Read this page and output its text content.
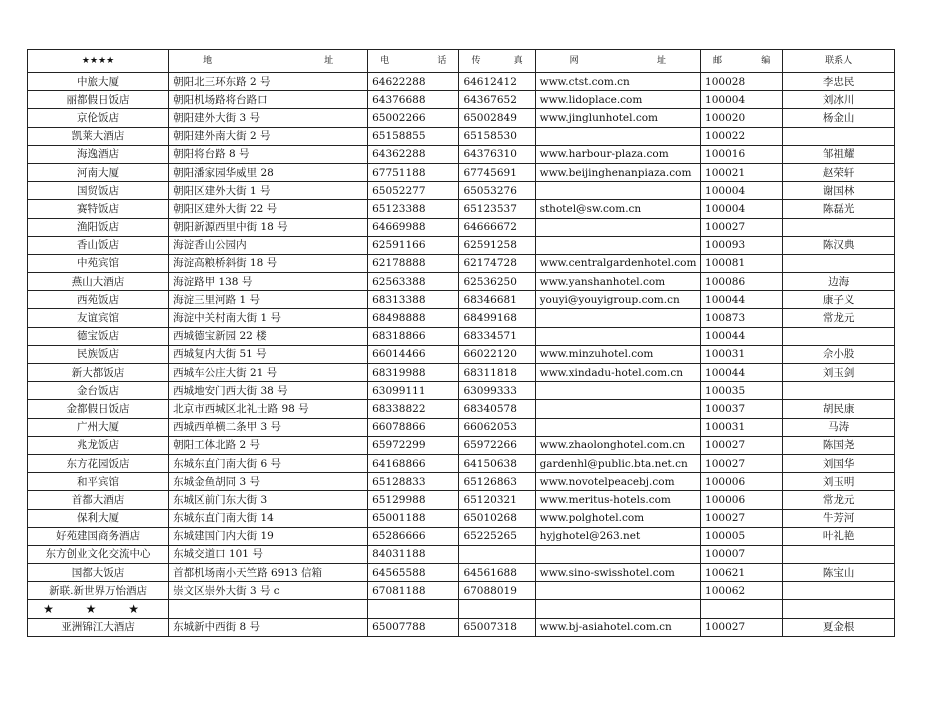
★★★★	地 址	电 话	传 真	网 址	邮 编	联系人
中旅大厦	朝阳北三环东路 2 号	64622288	64612412	www.ctst.com.cn	100028	李忠民
丽都假日饭店	朝阳机场路将台路口	64376688	64367652	www.lidoplace.com	100004	刘冰川
京伦饭店	朝阳建外大街 3 号	65002266	65002849	www.jinglunhotel.com	100020	杨金山
凯莱大酒店	朝阳建外南大街 2 号	65158855	65158530		100022	
海逸酒店	朝阳将台路 8 号	64362288	64376310	www.harbour-plaza.com	100016	邹祖耀
河南大厦	朝阳潘家园华威里 28	67751188	67745691	www.beijinghenanpiaza.com	100021	赵荣轩
国贸饭店	朝阳区建外大街 1 号	65052277	65053276		100004	谢国林
赛特饭店	朝阳区建外大街 22 号	65123388	65123537	sthotel@sw.com.cn	100004	陈磊光
渔阳饭店	朝阳新源西里中街 18 号	64669988	64666672		100027	
香山饭店	海淀香山公园内	62591166	62591258		100093	陈汉典
中苑宾馆	海淀高粮桥斜街 18 号	62178888	62174728	www.centralgardenhotel.com	100081	
燕山大酒店	海淀路甲 138 号	62563388	62536250	www.yanshanhotel.com	100086	边海
西苑饭店	海淀三里河路 1 号	68313388	68346681	youyi@youyigroup.com.cn	100044	康子义
友谊宾馆	海淀中关村南大街 1 号	68498888	68499168		100873	常龙元
德宝饭店	西城德宝新园 22 楼	68318866	68334571		100044	
民族饭店	西城复内大街 51 号	66014466	66022120	www.minzuhotel.com	100031	佘小股
新大都饭店	西城车公庄大街 21 号	68319988	68311818	www.xindadu-hotel.com.cn	100044	刘玉剑
金台饭店	西城地安门西大街 38 号	63099111	63099333		100035	
金都假日饭店	北京市西城区北礼士路 98 号	68338822	68340578		100037	胡民康
广州大厦	西城西单横二条甲 3 号	66078866	66062053		100031	马涛
兆龙饭店	朝阳工体北路 2 号	65972299	65972266	www.zhaolonghotel.com.cn	100027	陈国尧
东方花园饭店	东城东直门南大街 6 号	64168866	64150638	gardenhl@public.bta.net.cn	100027	刘国华
和平宾馆	东城金鱼胡同 3 号	65128833	65126863	www.novotelpeacebj.com	100006	刘玉明
首都大酒店	东城区前门东大街 3	65129988	65120321	www.meritus-hotels.com	100006	常龙元
保利大厦	东城东直门南大街 14	65001188	65010268	www.polghotel.com	100027	牛芳河
好苑建国商务酒店	东城建国门内大街 19	65286666	65225265	hyjghotel@263.net	100005	叶礼艳
东方创业文化交流中心	东城交道口 101 号	84031188			100007	
国都大饭店	首都机场南小天竺路 6913 信箱	64565588	64561688	www.sino-swisshotel.com	100621	陈宝山
新联.新世界万怡酒店	崇文区崇外大街 3 号 c	67081188	67088019		100062	
★ ★ ★						
亚洲锦江大酒店	东城新中西街 8 号	65007788	65007318	www.bj-asiahotel.com.cn	100027	夏金根
